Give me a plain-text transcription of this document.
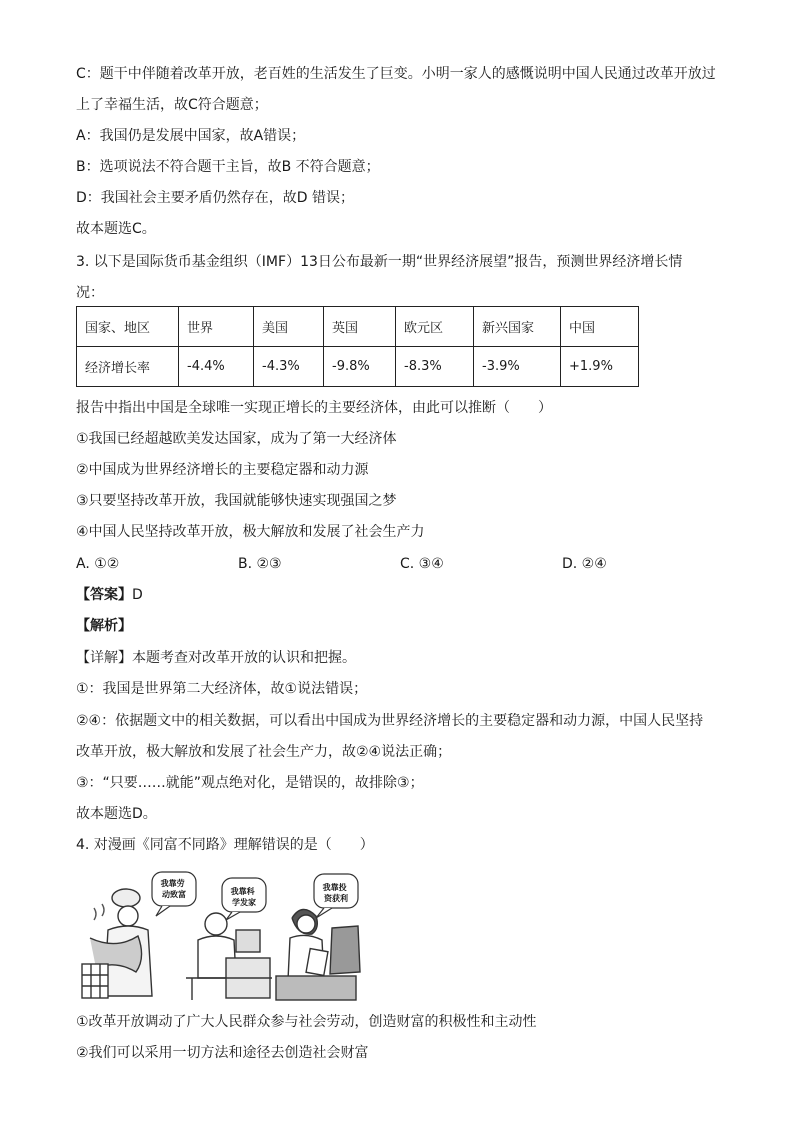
C：题干中伴随着改革开放，老百姓的生活发生了巨变。小明一家人的感慨说明中国人民通过改革开放过
上了幸福生活，故C符合题意；
A：我国仍是发展中国家，故A错误；
B：选项说法不符合题干主旨，故B 不符合题意；
D：我国社会主要矛盾仍然存在，故D 错误；
故本题选C。
3. 以下是国际货币基金组织（IMF）13日公布最新一期“世界经济展望”报告，预测世界经济增长情
况：
国家、地区	世界	美国	英国	欧元区	新兴国家	中国
经济增长率	-4.4%	-4.3%	-9.8%	-8.3%	-3.9%	+1.9%
报告中指出中国是全球唯一实现正增长的主要经济体，由此可以推断（　　）
①我国已经超越欧美发达国家，成为了第一大经济体
②中国成为世界经济增长的主要稳定器和动力源
③只要坚持改革开放，我国就能够快速实现强国之梦
④中国人民坚持改革开放，极大解放和发展了社会生产力
A. ①②	B. ②③	C. ③④	D. ②④
【答案】D
【解析】
【详解】本题考查对改革开放的认识和把握。
①：我国是世界第二大经济体，故①说法错误；
②④：依据题文中的相关数据，可以看出中国成为世界经济增长的主要稳定器和动力源，中国人民坚持
改革开放，极大解放和发展了社会生产力，故②④说法正确；
③：“只要……就能”观点绝对化，是错误的，故排除③；
故本题选D。
4. 对漫画《同富不同路》理解错误的是（　　）
我靠劳 动致富	我靠科 学发家
我靠投 资获利
①改革开放调动了广大人民群众参与社会劳动，创造财富的积极性和主动性
②我们可以采用一切方法和途径去创造社会财富
